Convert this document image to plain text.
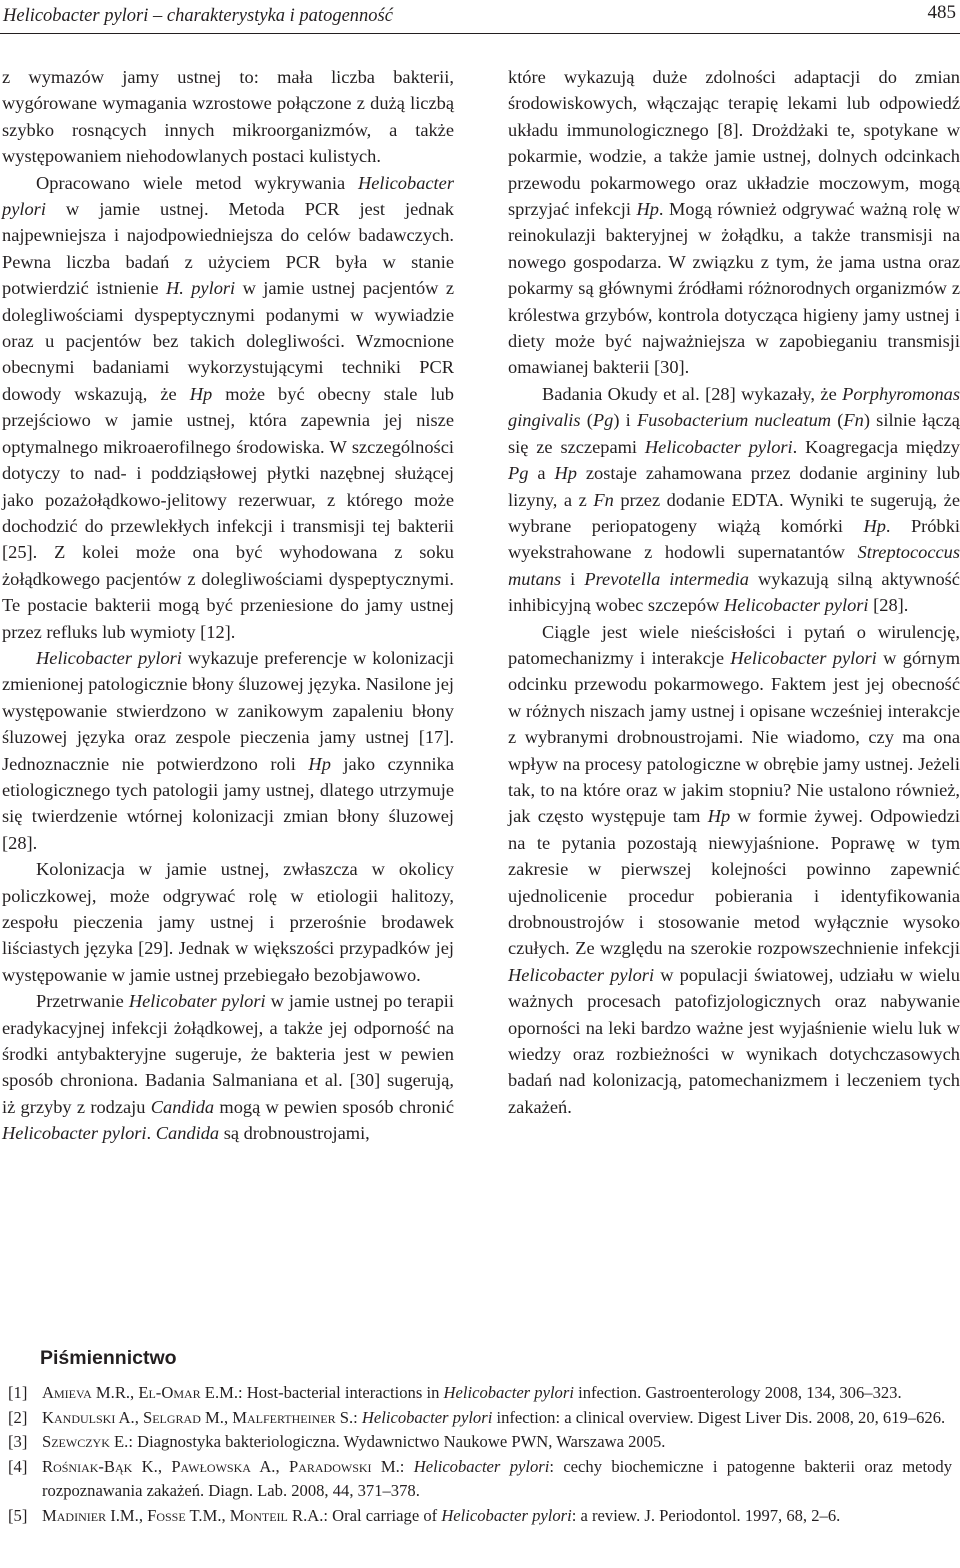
Helicobacter pylori – charakterystyka i patogenność	485

z wymazów jamy ustnej to: mała liczba bakterii, wygórowane wymagania wzrostowe połączone z dużą liczbą szybko rosnących innych mikroorganizmów, a także występowaniem niehodowlanych postaci kulistych.

Opracowano wiele metod wykrywania Helicobacter pylori w jamie ustnej. Metoda PCR jest jednak najpewniejsza i najodpowiedniejsza do celów badawczych. Pewna liczba badań z użyciem PCR była w stanie potwierdzić istnienie H. pylori w jamie ustnej pacjentów z dolegliwościami dyspeptycznymi podanymi w wywiadzie oraz u pacjentów bez takich dolegliwości. Wzmocnione obecnymi badaniami wykorzystującymi techniki PCR dowody wskazują, że Hp może być obecny stale lub przejściowo w jamie ustnej, która zapewnia jej nisze optymalnego mikroaerofilnego środowiska. W szczególności dotyczy to nad- i poddziąsłowej płytki nazębnej służącej jako pozażołądkowo-jelitowy rezerwuar, z którego może dochodzić do przewlekłych infekcji i transmisji tej bakterii [25]. Z kolei może ona być wyhodowana z soku żołądkowego pacjentów z dolegliwościami dyspeptycznymi. Te postacie bakterii mogą być przeniesione do jamy ustnej przez refluks lub wymioty [12].

Helicobacter pylori wykazuje preferencje w kolonizacji zmienionej patologicznie błony śluzowej języka. Nasilone jej występowanie stwierdzono w zanikowym zapaleniu błony śluzowej języka oraz zespole pieczenia jamy ustnej [17]. Jednoznacznie nie potwierdzono roli Hp jako czynnika etiologicznego tych patologii jamy ustnej, dlatego utrzymuje się twierdzenie wtórnej kolonizacji zmian błony śluzowej [28].

Kolonizacja w jamie ustnej, zwłaszcza w okolicy policzkowej, może odgrywać rolę w etiologii halitozy, zespołu pieczenia jamy ustnej i przerośnie brodawek liściastych języka [29]. Jednak w większości przypadków jej występowanie w jamie ustnej przebiegało bezobjawowo.

Przetrwanie Helicobater pylori w jamie ustnej po terapii eradykacyjnej infekcji żołądkowej, a także jej odporność na środki antybakteryjne sugeruje, że bakteria jest w pewien sposób chroniona. Badania Salmaniana et al. [30] sugerują, iż grzyby z rodzaju Candida mogą w pewien sposób chronić Helicobacter pylori. Candida są drobnoustrojami,

które wykazują duże zdolności adaptacji do zmian środowiskowych, włączając terapię lekami lub odpowiedź układu immunologicznego [8]. Drożdżaki te, spotykane w pokarmie, wodzie, a także jamie ustnej, dolnych odcinkach przewodu pokarmowego oraz układzie moczowym, mogą sprzyjać infekcji Hp. Mogą również odgrywać ważną rolę w reinokulazji bakteryjnej w żołądku, a także transmisji na nowego gospodarza. W związku z tym, że jama ustna oraz pokarmy są głównymi źródłami różnorodnych organizmów z królestwa grzybów, kontrola dotycząca higieny jamy ustnej i diety może być najważniejsza w zapobieganiu transmisji omawianej bakterii [30].

Badania Okudy et al. [28] wykazały, że Porphyromonas gingivalis (Pg) i Fusobacterium nucleatum (Fn) silnie łączą się ze szczepami Helicobacter pylori. Koagregacja między Pg a Hp zostaje zahamowana przez dodanie argininy lub lizyny, a z Fn przez dodanie EDTA. Wyniki te sugerują, że wybrane periopatogeny wiążą komórki Hp. Próbki wyekstrahowane z hodowli supernatantów Streptococcus mutans i Prevotella intermedia wykazują silną aktywność inhibicyjną wobec szczepów Helicobacter pylori [28].

Ciągle jest wiele nieścisłości i pytań o wirulencję, patomechanizmy i interakcje Helicobacter pylori w górnym odcinku przewodu pokarmowego. Faktem jest jej obecność w różnych niszach jamy ustnej i opisane wcześniej interakcje z wybranymi drobnoustrojami. Nie wiadomo, czy ma ona wpływ na procesy patologiczne w obrębie jamy ustnej. Jeżeli tak, to na które oraz w jakim stopniu? Nie ustalono również, jak często występuje tam Hp w formie żywej. Odpowiedzi na te pytania pozostają niewyjaśnione. Poprawę w tym zakresie w pierwszej kolejności powinno zapewnić ujednolicenie procedur pobierania i identyfikowania drobnoustrojów i stosowanie metod wyłącznie wysoko czułych. Ze względu na szerokie rozpowszechnienie infekcji Helicobacter pylori w populacji światowej, udziału w wielu ważnych procesach patofizjologicznych oraz nabywanie oporności na leki bardzo ważne jest wyjaśnienie wielu luk w wiedzy oraz rozbieżności w wynikach dotychczasowych badań nad kolonizacją, patomechanizmem i leczeniem tych zakażeń.

Piśmiennictwo
[1] Amieva M.R., El-Omar E.M.: Host-bacterial interactions in Helicobacter pylori infection. Gastroenterology 2008, 134, 306–323.
[2] Kandulski A., Selgrad M., Malfertheiner S.: Helicobacter pylori infection: a clinical overview. Digest Liver Dis. 2008, 20, 619–626.
[3] Szewczyk E.: Diagnostyka bakteriologiczna. Wydawnictwo Naukowe PWN, Warszawa 2005.
[4] Rośniak-Bąk K., Pawłowska A., Paradowski M.: Helicobacter pylori: cechy biochemiczne i patogenne bakterii oraz metody rozpoznawania zakażeń. Diagn. Lab. 2008, 44, 371–378.
[5] Madinier I.M., Fosse T.M., Monteil R.A.: Oral carriage of Helicobacter pylori: a review. J. Periodontol. 1997, 68, 2–6.
